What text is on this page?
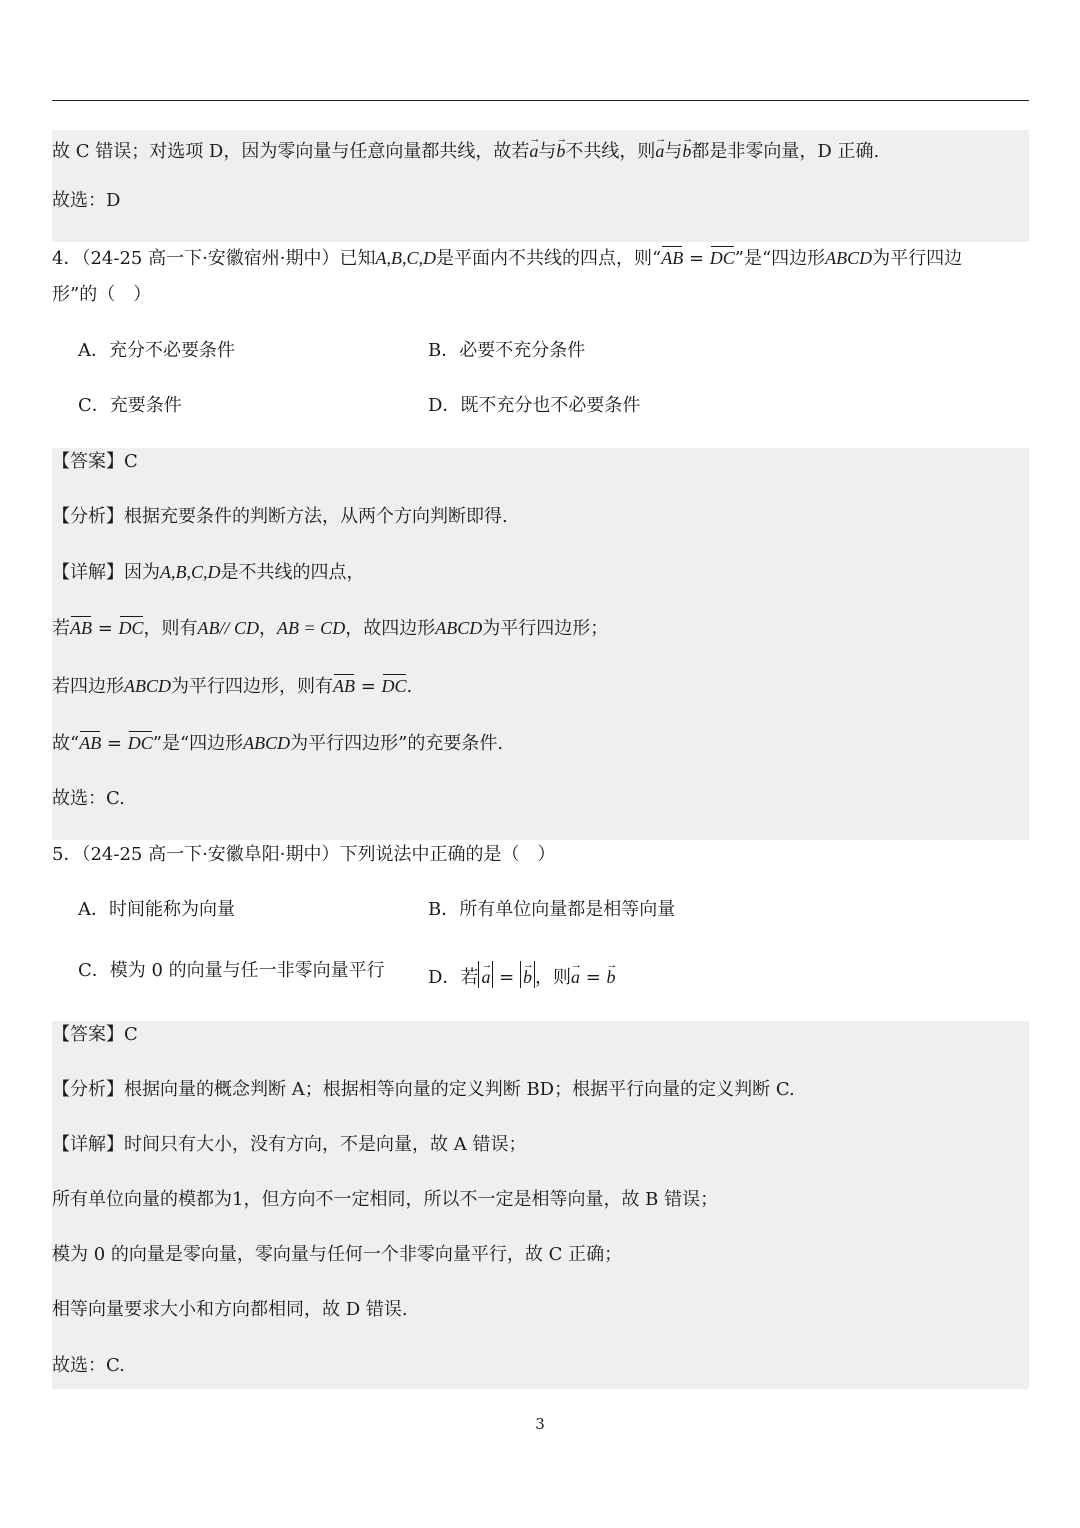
故 C 错误；对选项 D，因为零向量与任意向量都共线，故若→ a与→ b不共线，则→ a与→ b都是非零向量，D 正确.
故选：D
4．（24-25 高一下·安徽宿州·期中）已知A,B,C,D是平面内不共线的四点，则“AB = DC”是“四边形ABCD为平行四边
形”的（　）
A．充分不必要条件	B．必要不充分条件
C．充要条件	D．既不充分也不必要条件
【答案】C
【分析】根据充要条件的判断方法，从两个方向判断即得.
【详解】因为A,B,C,D是不共线的四点，
若AB = DC，则有AB// CD，AB = CD，故四边形ABCD为平行四边形；
若四边形ABCD为平行四边形，则有AB = DC.
故“AB = DC”是“四边形ABCD为平行四边形”的充要条件.
故选：C.
5．（24-25 高一下·安徽阜阳·期中）下列说法中正确的是（　）
A．时间能称为向量	B．所有单位向量都是相等向量
C．模为 0 的向量与任一非零向量平行 D．若→ a = → b ，则→ a = → b
【答案】C
【分析】根据向量的概念判断 A；根据相等向量的定义判断 BD；根据平行向量的定义判断 C.
【详解】时间只有大小，没有方向，不是向量，故 A 错误；
所有单位向量的模都为1，但方向不一定相同，所以不一定是相等向量，故 B 错误；
模为 0 的向量是零向量，零向量与任何一个非零向量平行，故 C 正确；
相等向量要求大小和方向都相同，故 D 错误.
故选：C.
3
